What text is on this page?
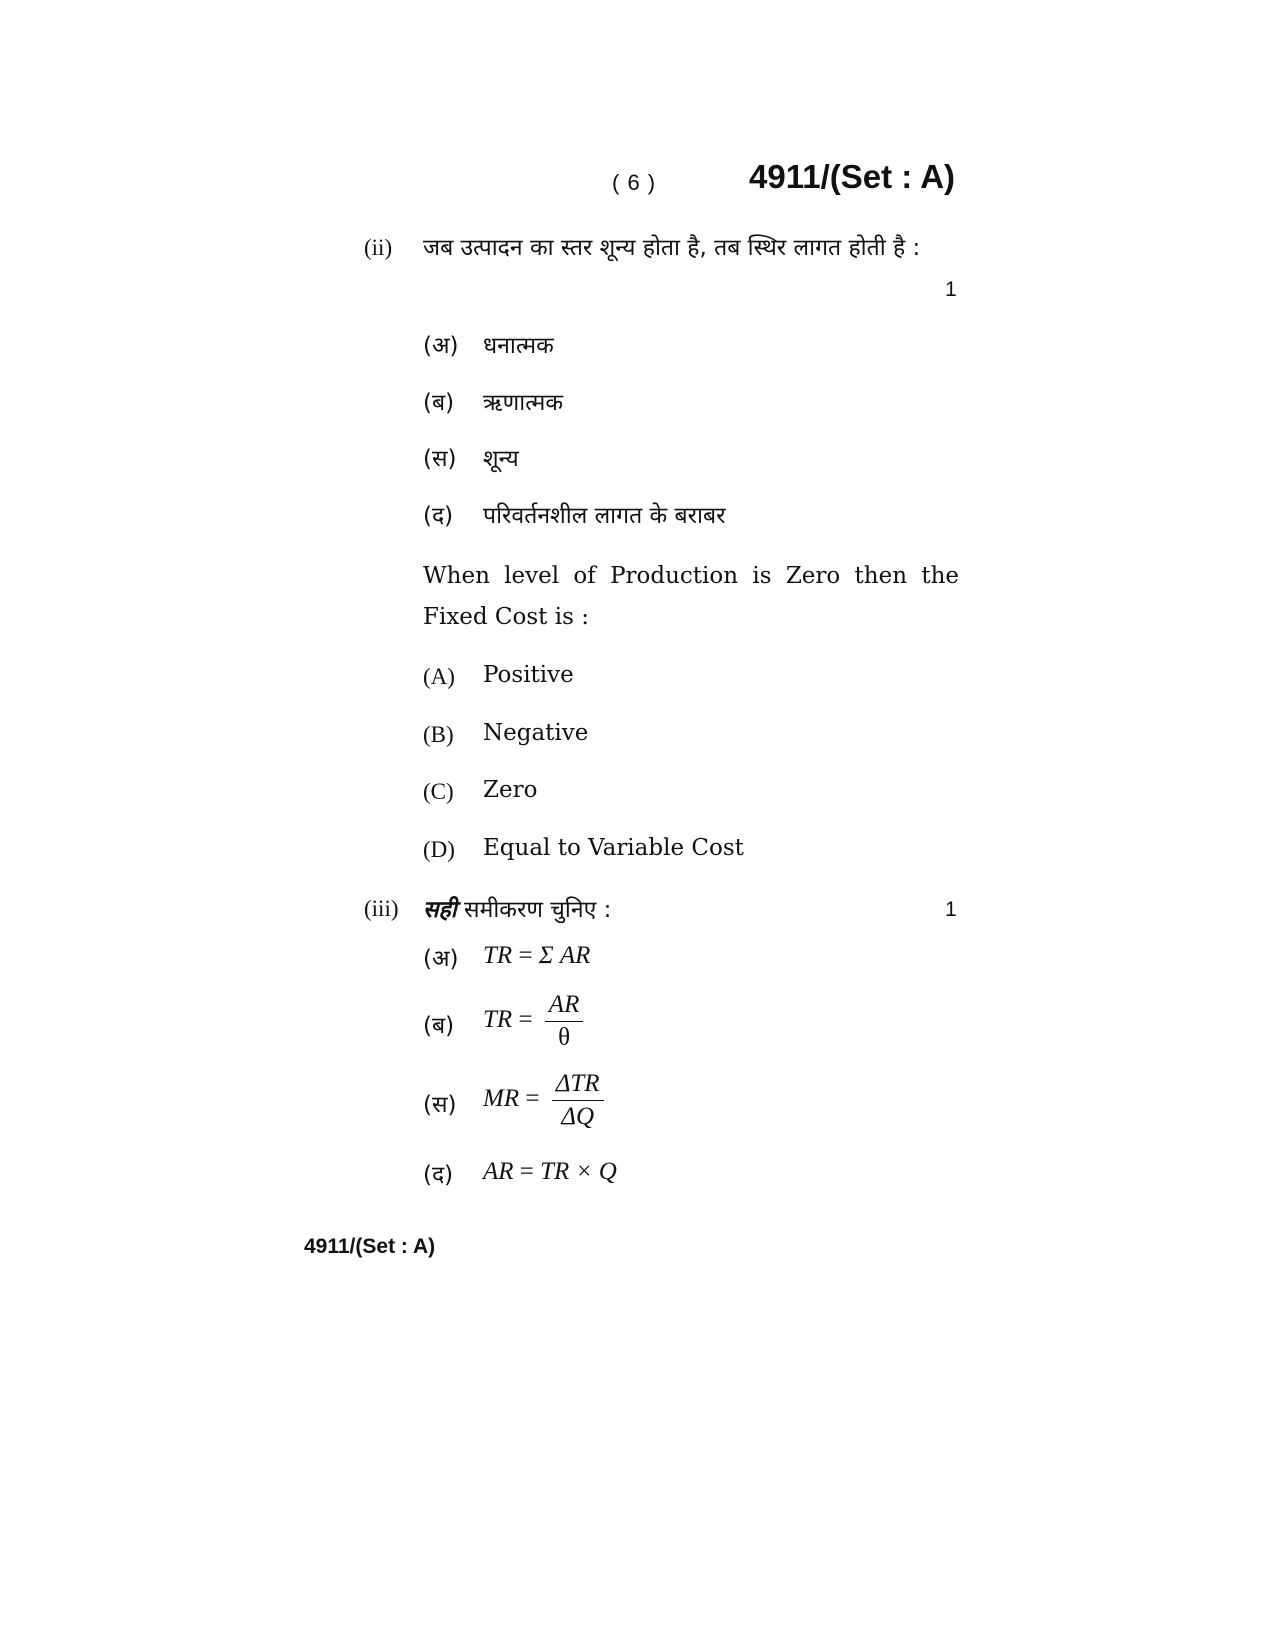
( 6 )	4911/(Set : A)
(ii) जब उत्पादन का स्तर शून्य होता है, तब स्थिर लागत होती है :
1
(अ) धनात्मक
(ब) ऋणात्मक
(स) शून्य
(द) परिवर्तनशील लागत के बराबर
When level of Production is Zero then the Fixed Cost is :
(A) Positive
(B) Negative
(C) Zero
(D) Equal to Variable Cost
(iii) सही समीकरण चुनिए :	1
(अ) TR = Σ AR
(ब) TR = $\frac{AR}{\theta}$
(स) MR = $\frac{\text{ΔTR}}{\Delta Q}$
(द) AR = TR × Q
4911/(Set : A)
